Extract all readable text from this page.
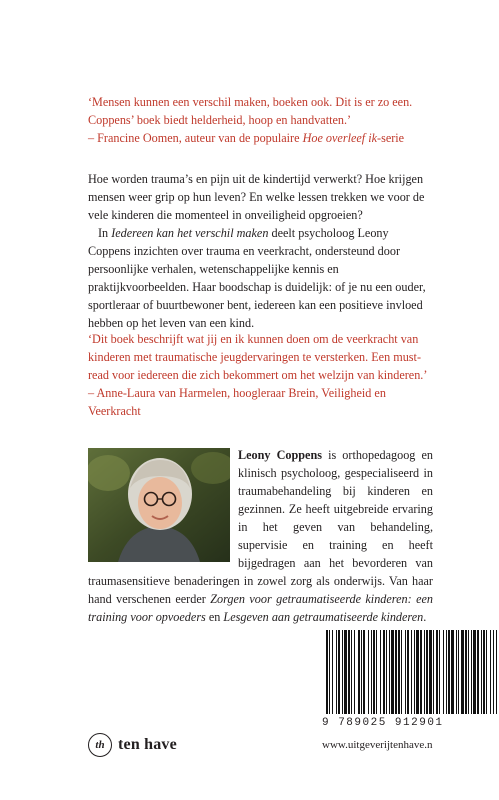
‘Mensen kunnen een verschil maken, boeken ook. Dit is er zo een. Coppens’ boek biedt helderheid, hoop en handvatten.’
– Francine Oomen, auteur van de populaire Hoe overleef ik-serie

Hoe worden trauma’s en pijn uit de kindertijd verwerkt? Hoe krijgen mensen weer grip op hun leven? En welke lessen trekken we voor de vele kinderen die momenteel in onveiligheid opgroeien?

In Iedereen kan het verschil maken deelt psycholoog Leony Coppens inzichten over trauma en veerkracht, ondersteund door persoonlijke verhalen, wetenschappelijke kennis en praktijkvoorbeelden. Haar boodschap is duidelijk: of je nu een ouder, sportleraar of buurtbewoner bent, iedereen kan een positieve invloed hebben op het leven van een kind.

‘Dit boek beschrijft wat jij en ik kunnen doen om de veerkracht van kinderen met traumatische jeugdervaringen te versterken. Een must-read voor iedereen die zich bekommert om het welzijn van kinderen.’ – Anne-Laura van Harmelen, hoogleraar Brein, Veiligheid en Veerkracht
Leony Coppens is orthopedagoog en klinisch psycholoog, gespecialiseerd in traumabehandeling bij kinderen en gezinnen. Ze heeft uitgebreide ervaring in het geven van behandeling, supervisie en training en heeft bijgedragen aan het bevorderen van traumasensitieve benaderingen in zowel zorg als onderwijs. Van haar hand verschenen eerder Zorgen voor getraumatiseerde kinderen: een training voor opvoeders en Lesgeven aan getraumatiseerde kinderen.
th ten have
9 789025 912901
www.uitgeverijtenhave.n
